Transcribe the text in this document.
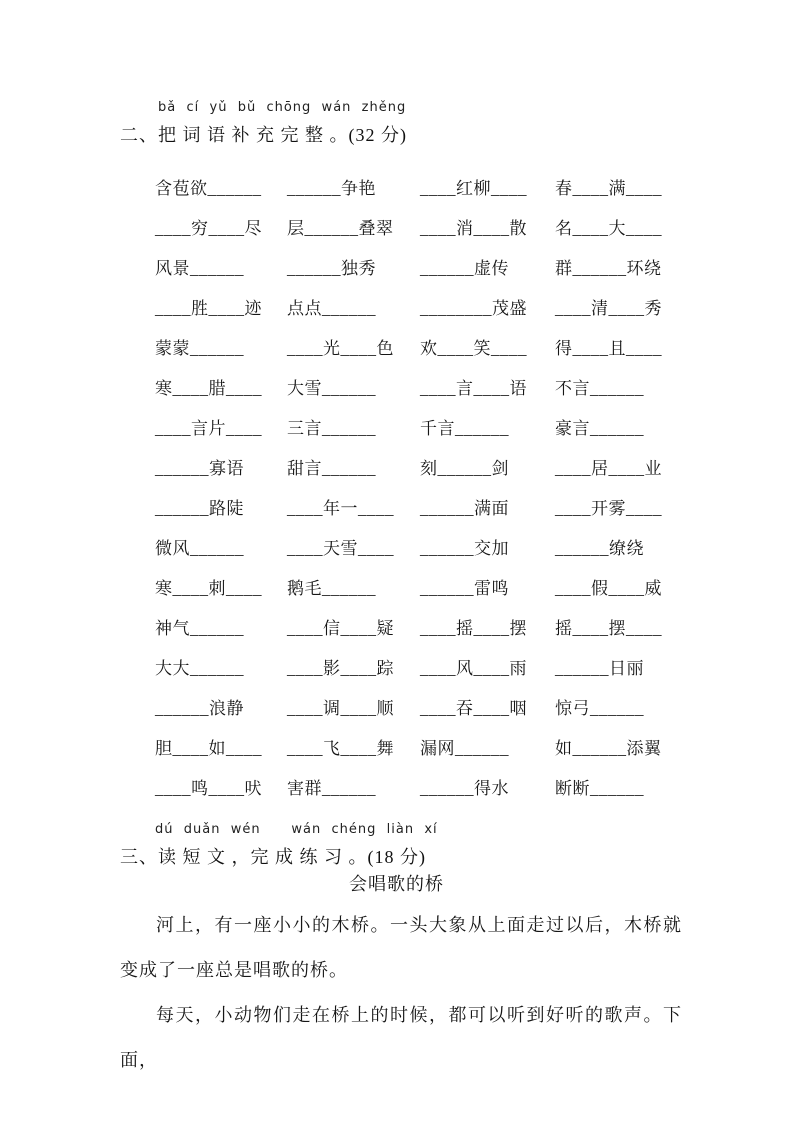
bǎ  cí  yǔ  bǔ  chōng  wán  zhěng
二、把 词 语 补 充 完 整 。(32 分)
含苞欲______	______争艳	____红柳____	春____满____
____穷____尽	层______叠翠	____消____散	名____大____
风景______	______独秀	______虚传	群______环绕
____胜____迹	点点______	________茂盛	____清____秀
蒙蒙______	____光____色	欢____笑____	得____且____
寒____腊____	大雪______	____言____语	不言______
____言片____	三言______	千言______	豪言______
______寡语	甜言______	刻______剑	____居____业
______路陡	____年一____	______满面	____开雾____
微风______	____天雪____	______交加	______缭绕
寒____刺____	鹅毛______	______雷鸣	____假____威
神气______	____信____疑	____摇____摆	摇____摆____
大大______	____影____踪	____风____雨	______日丽
______浪静	____调____顺	____吞____咽	惊弓______
胆____如____	____飞____舞	漏网______	如______添翼
____鸣____吠	害群______	______得水	断断______
dú  duǎn  wén      wán  chéng  liàn  xí
三、读 短 文 ，完 成 练 习 。(18 分)
会唱歌的桥

河上，有一座小小的木桥。一头大象从上面走过以后，木桥就变成了一座总是唱歌的桥。

每天，小动物们走在桥上的时候，都可以听到好听的歌声。下面，
